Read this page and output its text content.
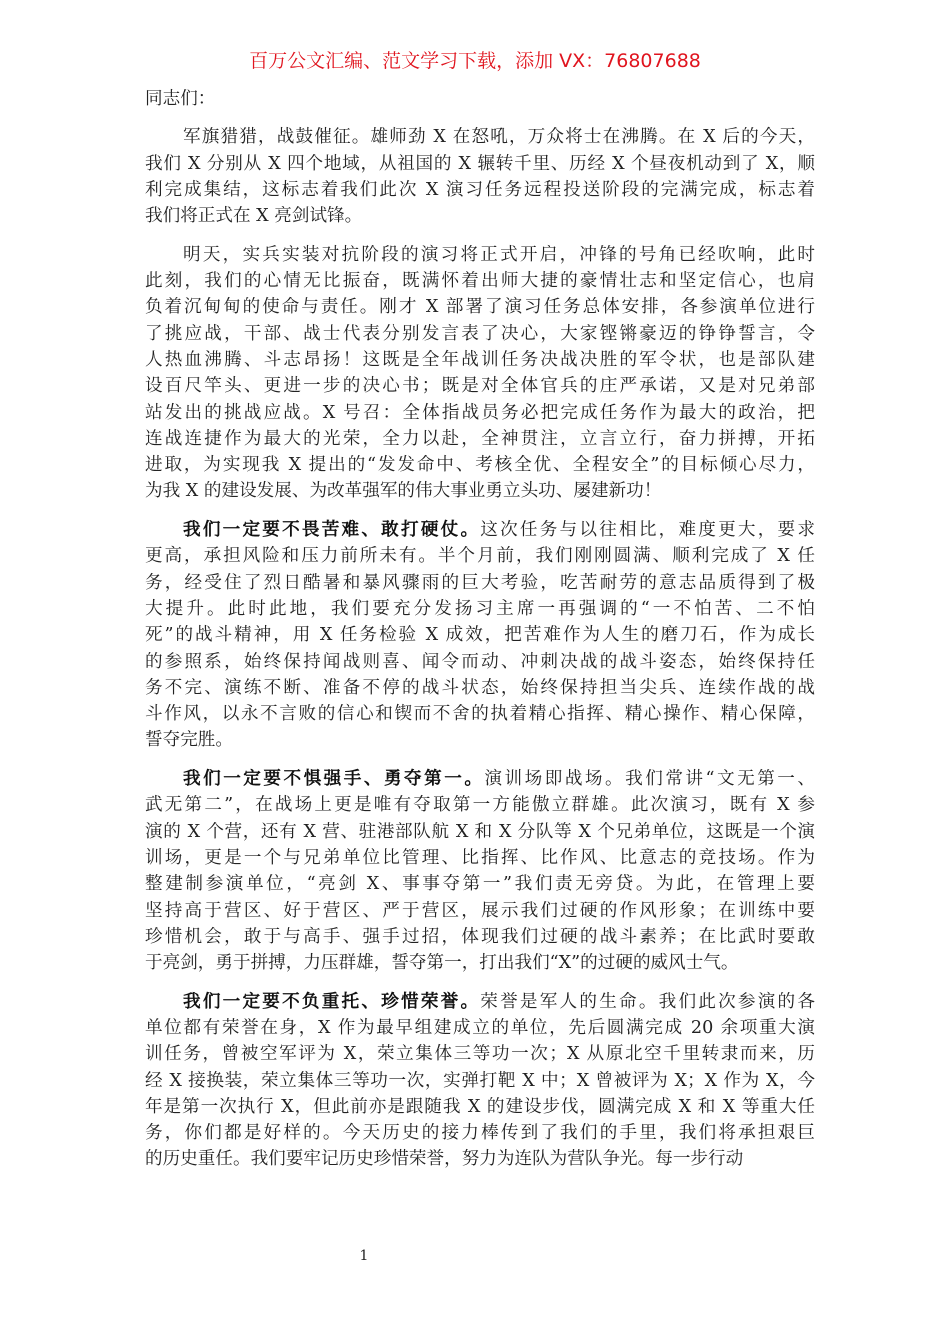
百万公文汇编、范文学习下载，添加 VX：76807688
同志们：
军旗猎猎，战鼓催征。雄师劲 X 在怒吼，万众将士在沸腾。在 X 后的今天，
我们 X 分别从 X 四个地域，从祖国的 X 辗转千里、历经 X 个昼夜机动到了 X，顺
利完成集结，这标志着我们此次 X 演习任务远程投送阶段的完满完成，标志着
我们将正式在 X 亮剑试锋。
明天，实兵实装对抗阶段的演习将正式开启，冲锋的号角已经吹响，此时
此刻，我们的心情无比振奋，既满怀着出师大捷的豪情壮志和坚定信心，也肩
负着沉甸甸的使命与责任。刚才 X 部署了演习任务总体安排，各参演单位进行
了挑应战，干部、战士代表分别发言表了决心，大家铿锵豪迈的铮铮誓言，令
人热血沸腾、斗志昂扬！这既是全年战训任务决战决胜的军令状，也是部队建
设百尺竿头、更进一步的决心书；既是对全体官兵的庄严承诺，又是对兄弟部
站发出的挑战应战。X 号召：全体指战员务必把完成任务作为最大的政治，把
连战连捷作为最大的光荣，全力以赴，全神贯注，立言立行，奋力拼搏，开拓
进取，为实现我 X 提出的“发发命中、考核全优、全程安全”的目标倾心尽力，
为我 X 的建设发展、为改革强军的伟大事业勇立头功、屡建新功！
我们一定要不畏苦难、敢打硬仗。这次任务与以往相比，难度更大，要求
更高，承担风险和压力前所未有。半个月前，我们刚刚圆满、顺利完成了 X 任
务，经受住了烈日酷暑和暴风骤雨的巨大考验，吃苦耐劳的意志品质得到了极
大提升。此时此地，我们要充分发扬习主席一再强调的“一不怕苦、二不怕
死”的战斗精神，用 X 任务检验 X 成效，把苦难作为人生的磨刀石，作为成长
的参照系，始终保持闻战则喜、闻令而动、冲刺决战的战斗姿态，始终保持任
务不完、演练不断、准备不停的战斗状态，始终保持担当尖兵、连续作战的战
斗作风，以永不言败的信心和锲而不舍的执着精心指挥、精心操作、精心保障，
誓夺完胜。
我们一定要不惧强手、勇夺第一。演训场即战场。我们常讲“文无第一、
武无第二”，在战场上更是唯有夺取第一方能傲立群雄。此次演习，既有 X 参
演的 X 个营，还有 X 营、驻港部队航 X 和 X 分队等 X 个兄弟单位，这既是一个演
训场，更是一个与兄弟单位比管理、比指挥、比作风、比意志的竞技场。作为
整建制参演单位，“亮剑 X、事事夺第一”我们责无旁贷。为此，在管理上要
坚持高于营区、好于营区、严于营区，展示我们过硬的作风形象；在训练中要
珍惜机会，敢于与高手、强手过招，体现我们过硬的战斗素养；在比武时要敢
于亮剑，勇于拼搏，力压群雄，誓夺第一，打出我们“X”的过硬的威风士气。
我们一定要不负重托、珍惜荣誉。荣誉是军人的生命。我们此次参演的各
单位都有荣誉在身，X 作为最早组建成立的单位，先后圆满完成 20 余项重大演
训任务，曾被空军评为 X，荣立集体三等功一次；X 从原北空千里转隶而来，历
经 X 接换装，荣立集体三等功一次，实弹打靶 X 中；X 曾被评为 X；X 作为 X，今
年是第一次执行 X，但此前亦是跟随我 X 的建设步伐，圆满完成 X 和 X 等重大任
务，你们都是好样的。今天历史的接力棒传到了我们的手里，我们将承担艰巨
的历史重任。我们要牢记历史珍惜荣誉，努力为连队为营队争光。每一步行动
1
